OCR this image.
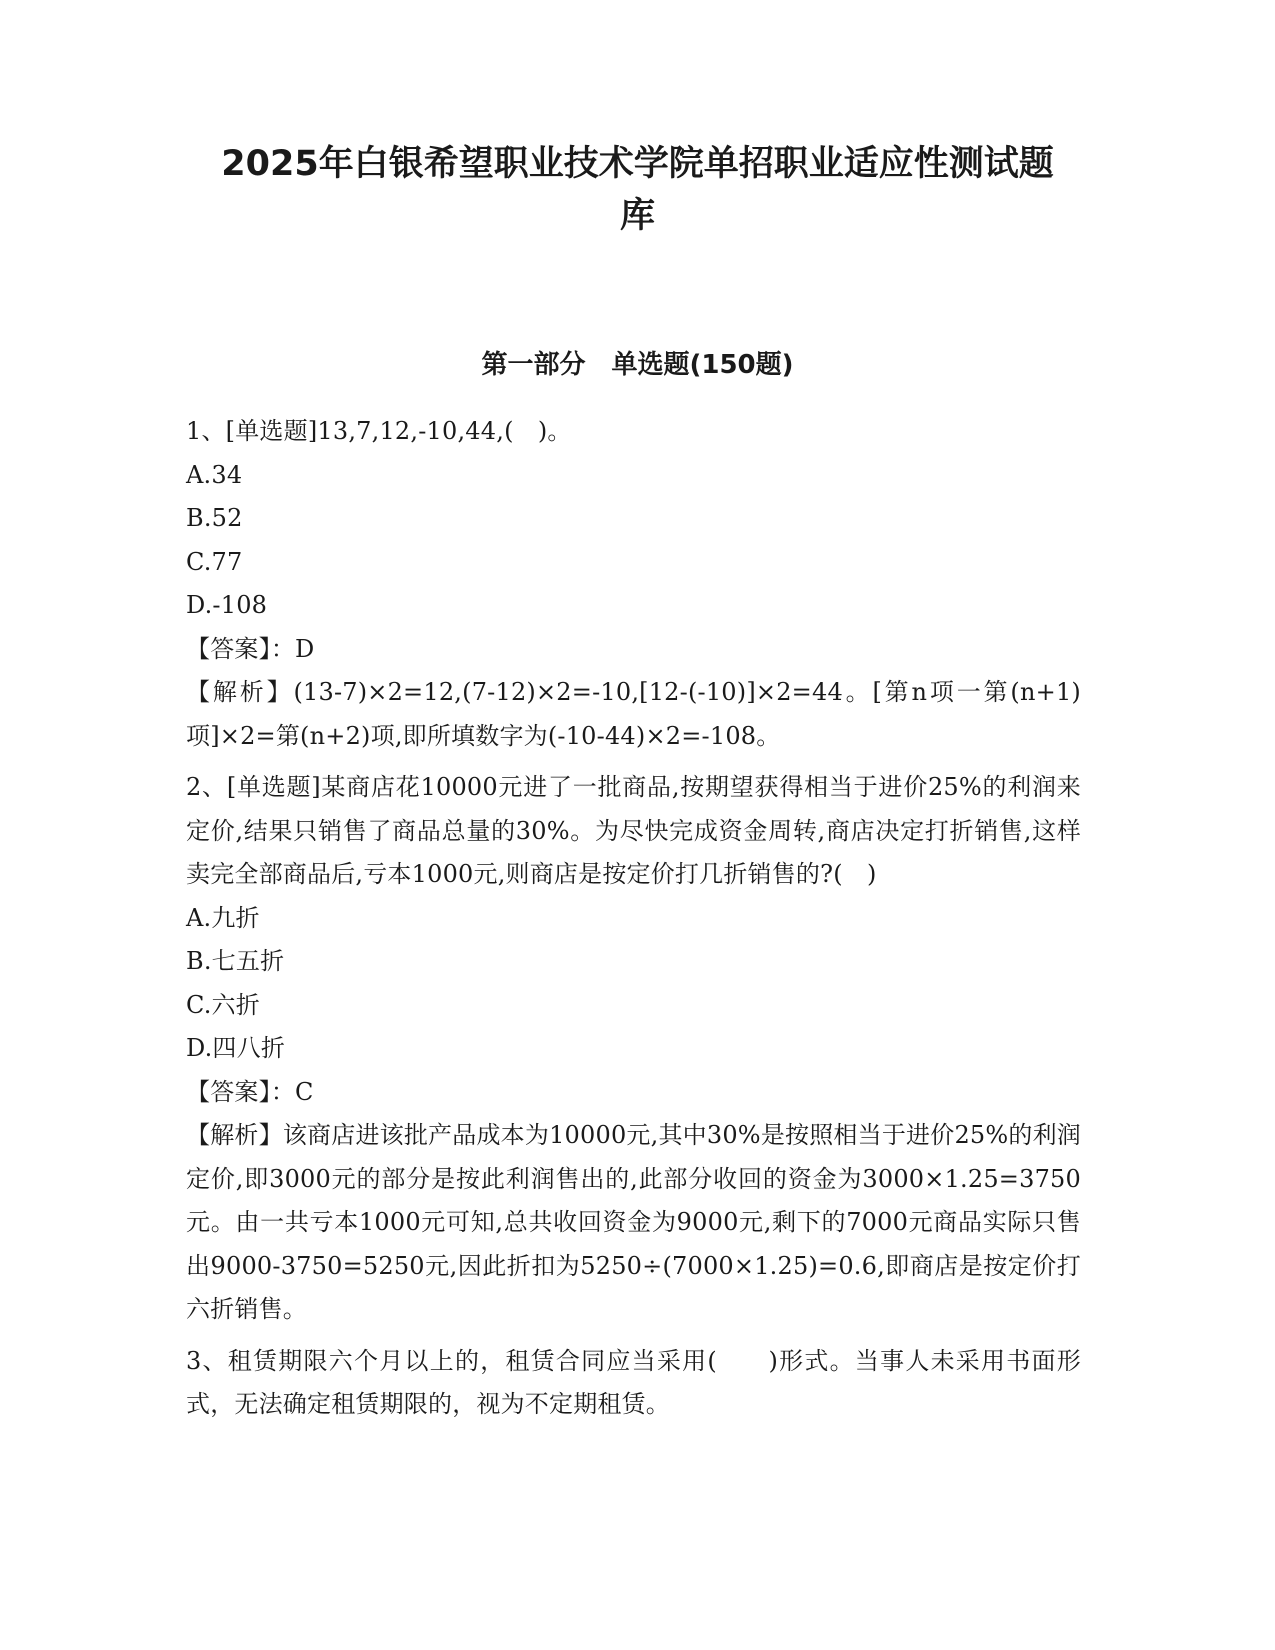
2025年白银希望职业技术学院单招职业适应性测试题
库
第一部分　单选题(150题)

1、[单选题]13,7,12,-10,44,(　)。

A.34

B.52

C.77

D.-108

【答案】：D

【解析】(13-7)×2=12,(7-12)×2=-10,[12-(-10)]×2=44。[第n项一第(n+1)项]×2=第(n+2)项,即所填数字为(-10-44)×2=-108。

2、[单选题]某商店花10000元进了一批商品,按期望获得相当于进价25%的利润来定价,结果只销售了商品总量的30%。为尽快完成资金周转,商店决定打折销售,这样卖完全部商品后,亏本1000元,则商店是按定价打几折销售的?(　)

A.九折

B.七五折

C.六折

D.四八折

【答案】：C

【解析】该商店进该批产品成本为10000元,其中30%是按照相当于进价25%的利润定价,即3000元的部分是按此利润售出的,此部分收回的资金为3000×1.25=3750元。由一共亏本1000元可知,总共收回资金为9000元,剩下的7000元商品实际只售出9000-3750=5250元,因此折扣为5250÷(7000×1.25)=0.6,即商店是按定价打六折销售。

3、租赁期限六个月以上的，租赁合同应当采用(　　)形式。当事人未采用书面形式，无法确定租赁期限的，视为不定期租赁。
